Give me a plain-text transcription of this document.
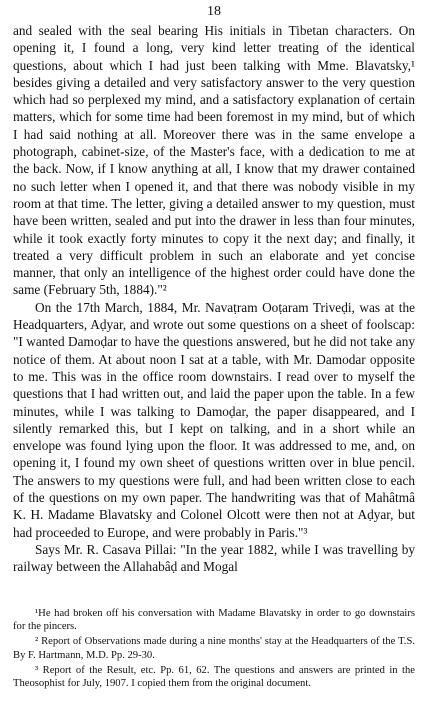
18

and sealed with the seal bearing His initials in Tibetan characters. On opening it, I found a long, very kind letter treating of the identical questions, about which I had just been talking with Mme. Blavatsky,¹ besides giving a detailed and very satisfactory answer to the very question which had so perplexed my mind, and a satisfactory explanation of certain matters, which for some time had been foremost in my mind, but of which I had said nothing at all. Moreover there was in the same envelope a photograph, cabinet-size, of the Master's face, with a dedication to me at the back. Now, if I know anything at all, I know that my drawer contained no such letter when I opened it, and that there was nobody visible in my room at that time. The letter, giving a detailed answer to my question, must have been written, sealed and put into the drawer in less than four minutes, while it took exactly forty minutes to copy it the next day; and finally, it treated a very difficult problem in such an elaborate and yet concise manner, that only an intelligence of the highest order could have done the same (February 5th, 1884)."²

On the 17th March, 1884, Mr. Navaṭram Ooṭaram Triveḍi, was at the Headquarters, Aḍyar, and wrote out some questions on a sheet of foolscap: "I wanted Damoḍar to have the questions answered, but he did not take any notice of them. At about noon I sat at a table, with Mr. Damodar opposite to me. This was in the office room downstairs. I read over to myself the questions that I had written out, and laid the paper upon the table. In a few minutes, while I was talking to Damoḍar, the paper disappeared, and I silently remarked this, but I kept on talking, and in a short while an envelope was found lying upon the floor. It was addressed to me, and, on opening it, I found my own sheet of questions written over in blue pencil. The answers to my questions were full, and had been written close to each of the questions on my own paper. The handwriting was that of Mahâtmâ K. H. Madame Blavatsky and Colonel Olcott were then not at Aḍyar, but had proceeded to Europe, and were probably in Paris."³

Says Mr. R. Casava Pillai: "In the year 1882, while I was travelling by railway between the Allahabâḍ and Mogal

¹He had broken off his conversation with Madame Blavatsky in order to go downstairs for the pincers.

² Report of Observations made during a nine months' stay at the Headquarters of the T.S. By F. Hartmann, M.D. Pp. 29-30.

³ Report of the Result, etc. Pp. 61, 62. The questions and answers are printed in the Theosophist for July, 1907. I copied them from the original document.
